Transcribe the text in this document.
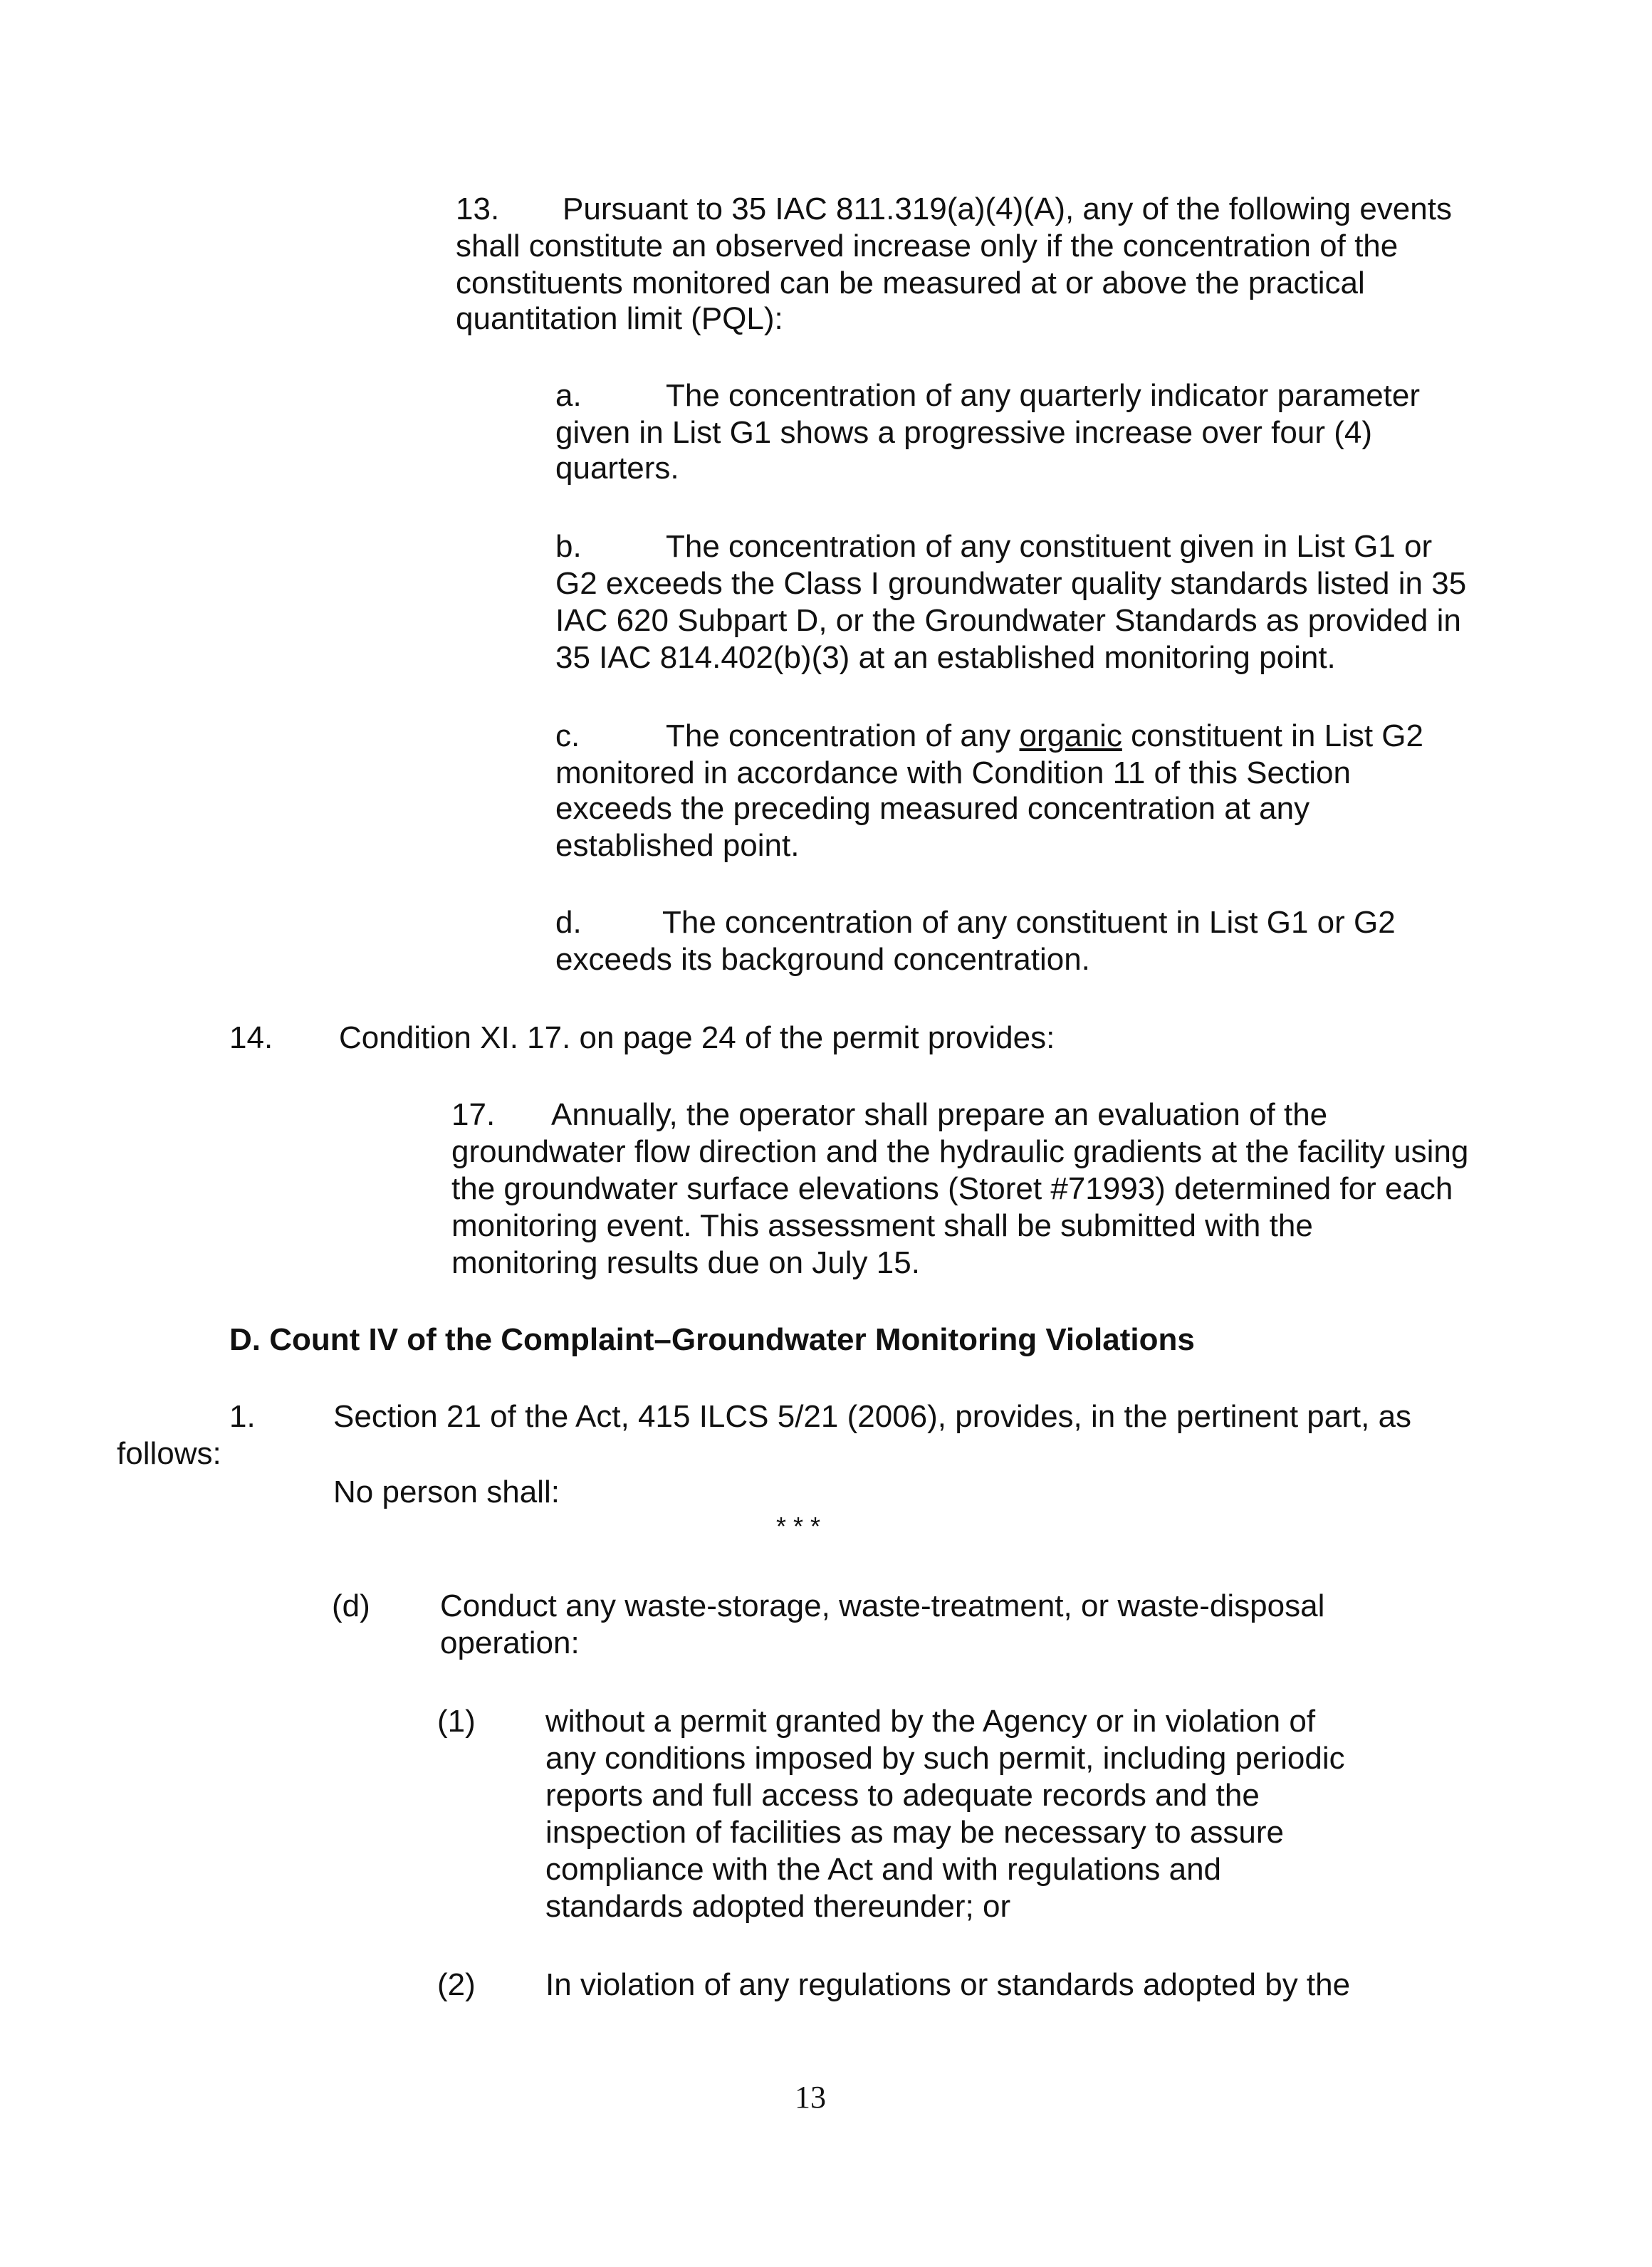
13. Pursuant to 35 IAC 811.319(a)(4)(A), any of the following events
shall constitute an observed increase only if the concentration of the
constituents monitored can be measured at or above the practical
quantitation limit (PQL):
a.	The concentration of any quarterly indicator parameter
given in List G1 shows a progressive increase over four (4)
quarters.
b.	The concentration of any constituent given in List G1 or
G2 exceeds the Class I groundwater quality standards listed in 35
IAC 620 Subpart D, or the Groundwater Standards as provided in
35 IAC 814.402(b)(3) at an established monitoring point.
c.	The concentration of any organic constituent in List G2
monitored in accordance with Condition 11 of this Section
exceeds the preceding measured concentration at any
established point.
d.	The concentration of any constituent in List G1 or G2
exceeds its background concentration.
14. Condition XI. 17. on page 24 of the permit provides:
17. Annually, the operator shall prepare an evaluation of the
groundwater flow direction and the hydraulic gradients at the facility using
the groundwater surface elevations (Storet #71993) determined for each
monitoring event. This assessment shall be submitted with the
monitoring results due on July 15.
D. Count IV of the Complaint–Groundwater Monitoring Violations
1. Section 21 of the Act, 415 ILCS 5/21 (2006), provides, in the pertinent part, as
follows:
No person shall:
* * *
(d) Conduct any waste-storage, waste-treatment, or waste-disposal
operation:
(1) without a permit granted by the Agency or in violation of
any conditions imposed by such permit, including periodic
reports and full access to adequate records and the
inspection of facilities as may be necessary to assure
compliance with the Act and with regulations and
standards adopted thereunder; or
(2) In violation of any regulations or standards adopted by the
13
